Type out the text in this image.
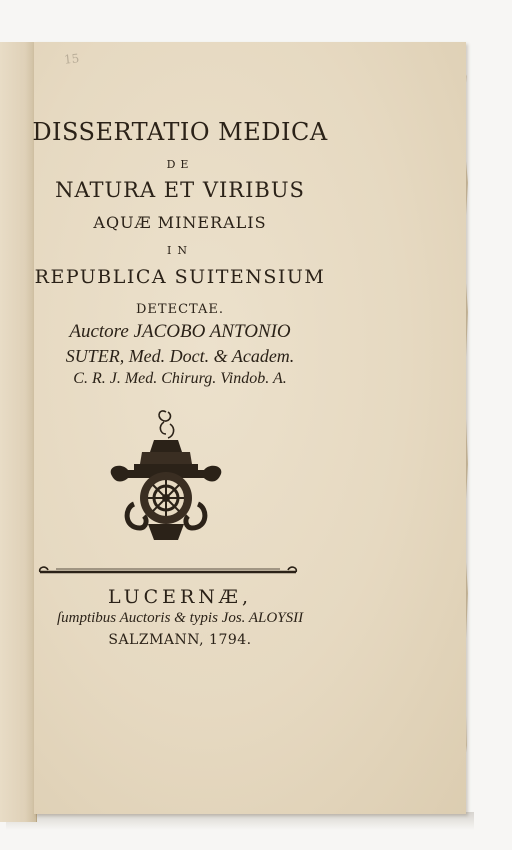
15
DISSERTATIO MEDICA
DE
NATURA ET VIRIBUS
AQUÆ MINERALIS
IN
REPUBLICA SUITENSIUM
DETECTAE.
Auctore JACOBO ANTONIO
SUTER, Med. Doct. & Academ.
C. R. J. Med. Chirurg. Vindob. A.
LUCERNÆ,
ſumptibus Auctoris & typis Jos. ALOYSII
SALZMANN, 1794.
